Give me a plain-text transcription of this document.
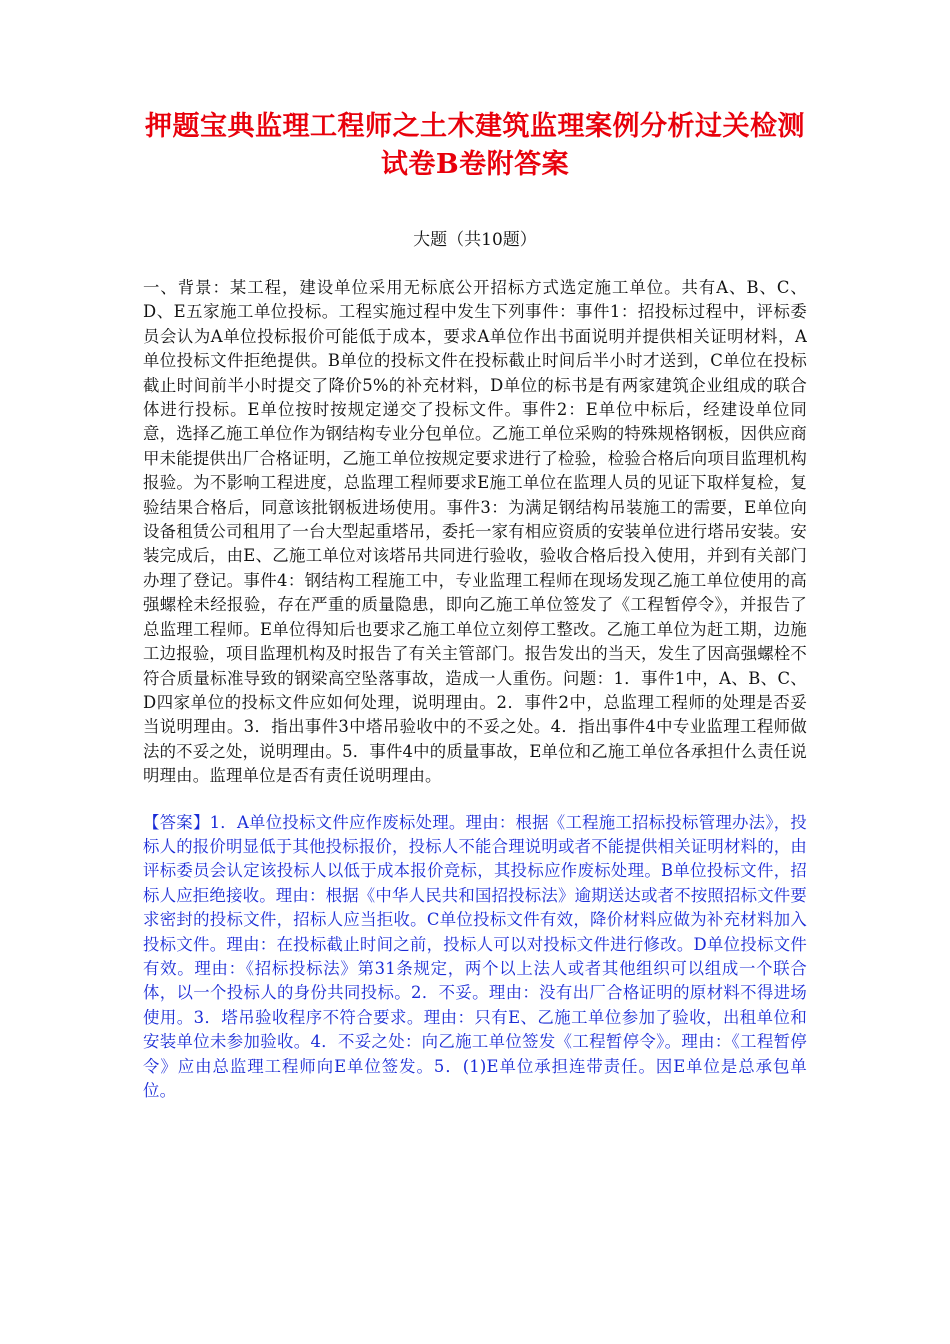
押题宝典监理工程师之土木建筑监理案例分析过关检测试卷B卷附答案
大题（共10题）

一、背景：某工程，建设单位采用无标底公开招标方式选定施工单位。共有A、B、C、D、E五家施工单位投标。工程实施过程中发生下列事件：事件1：招投标过程中，评标委员会认为A单位投标报价可能低于成本，要求A单位作出书面说明并提供相关证明材料，A单位投标文件拒绝提供。B单位的投标文件在投标截止时间后半小时才送到，C单位在投标截止时间前半小时提交了降价5%的补充材料，D单位的标书是有两家建筑企业组成的联合体进行投标。E单位按时按规定递交了投标文件。事件2：E单位中标后，经建设单位同意，选择乙施工单位作为钢结构专业分包单位。乙施工单位采购的特殊规格钢板，因供应商甲未能提供出厂合格证明，乙施工单位按规定要求进行了检验，检验合格后向项目监理机构报验。为不影响工程进度，总监理工程师要求E施工单位在监理人员的见证下取样复检，复验结果合格后，同意该批钢板进场使用。事件3：为满足钢结构吊装施工的需要，E单位向设备租赁公司租用了一台大型起重塔吊，委托一家有相应资质的安装单位进行塔吊安装。安装完成后，由E、乙施工单位对该塔吊共同进行验收，验收合格后投入使用，并到有关部门办理了登记。事件4：钢结构工程施工中，专业监理工程师在现场发现乙施工单位使用的高强螺栓未经报验，存在严重的质量隐患，即向乙施工单位签发了《工程暂停令》，并报告了总监理工程师。E单位得知后也要求乙施工单位立刻停工整改。乙施工单位为赶工期，边施工边报验，项目监理机构及时报告了有关主管部门。报告发出的当天，发生了因高强螺栓不符合质量标准导致的钢梁高空坠落事故，造成一人重伤。问题：1．事件1中，A、B、C、D四家单位的投标文件应如何处理，说明理由。2．事件2中，总监理工程师的处理是否妥当说明理由。3．指出事件3中塔吊验收中的不妥之处。4．指出事件4中专业监理工程师做法的不妥之处，说明理由。5．事件4中的质量事故，E单位和乙施工单位各承担什么责任说明理由。监理单位是否有责任说明理由。

【答案】1．A单位投标文件应作废标处理。理由：根据《工程施工招标投标管理办法》，投标人的报价明显低于其他投标报价，投标人不能合理说明或者不能提供相关证明材料的，由评标委员会认定该投标人以低于成本报价竞标，其投标应作废标处理。B单位投标文件，招标人应拒绝接收。理由：根据《中华人民共和国招投标法》逾期送达或者不按照招标文件要求密封的投标文件，招标人应当拒收。C单位投标文件有效，降价材料应做为补充材料加入投标文件。理由：在投标截止时间之前，投标人可以对投标文件进行修改。D单位投标文件有效。理由：《招标投标法》第31条规定，两个以上法人或者其他组织可以组成一个联合体，以一个投标人的身份共同投标。2．不妥。理由：没有出厂合格证明的原材料不得进场使用。3．塔吊验收程序不符合要求。理由：只有E、乙施工单位参加了验收，出租单位和安装单位未参加验收。4．不妥之处：向乙施工单位签发《工程暂停令》。理由：《工程暂停令》应由总监理工程师向E单位签发。5．(1)E单位承担连带责任。因E单位是总承包单位。
